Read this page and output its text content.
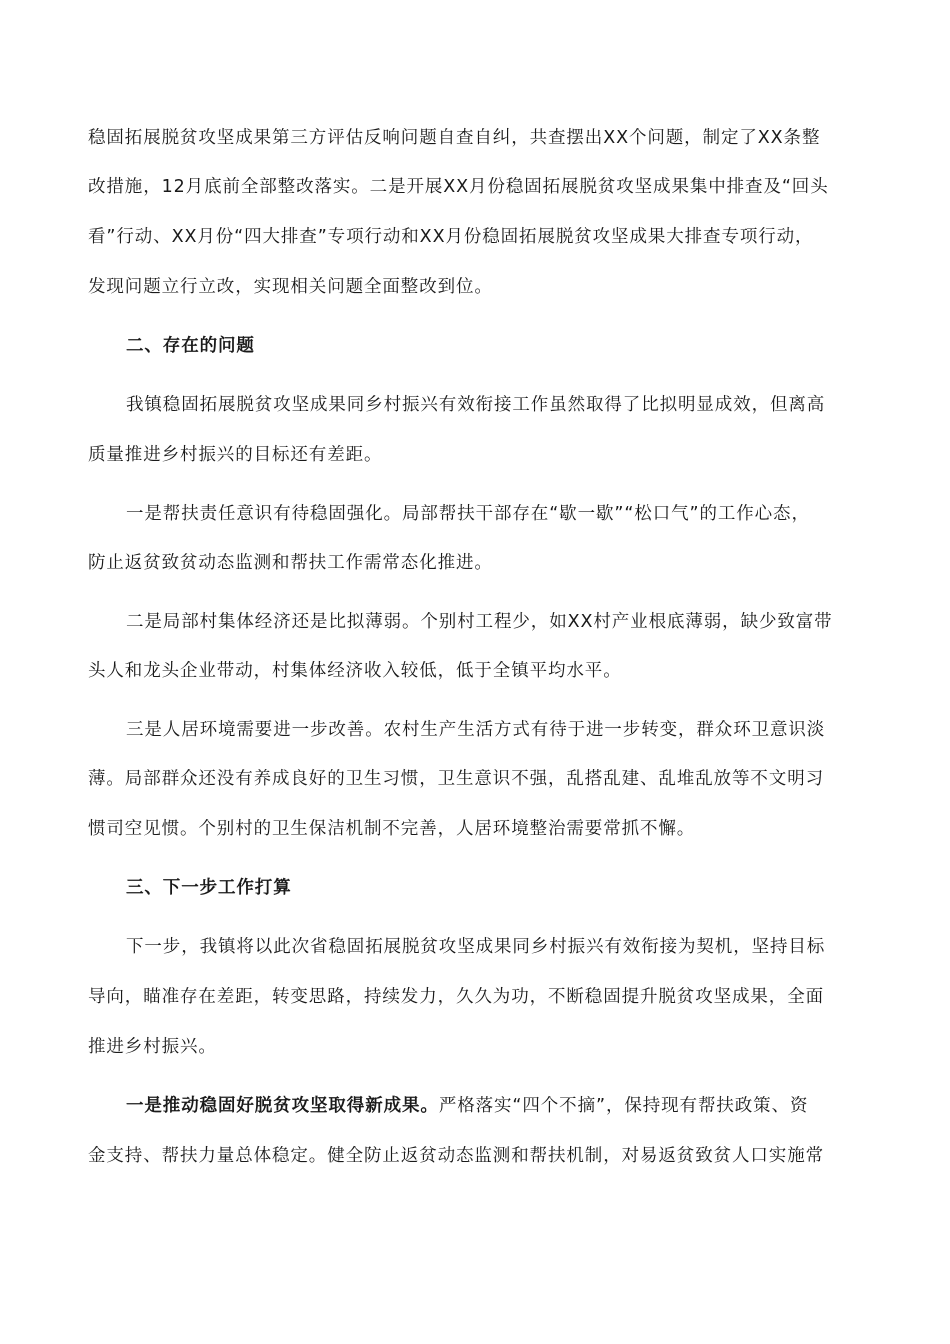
稳固拓展脱贫攻坚成果第三方评估反响问题自查自纠，共查摆出XX个问题，制定了XX条整
改措施，12月底前全部整改落实。二是开展XX月份稳固拓展脱贫攻坚成果集中排查及“回头
看”行动、XX月份“四大排查”专项行动和XX月份稳固拓展脱贫攻坚成果大排查专项行动，
发现问题立行立改，实现相关问题全面整改到位。
二、存在的问题
我镇稳固拓展脱贫攻坚成果同乡村振兴有效衔接工作虽然取得了比拟明显成效，但离高
质量推进乡村振兴的目标还有差距。
一是帮扶责任意识有待稳固强化。局部帮扶干部存在“歇一歇”“松口气”的工作心态，
防止返贫致贫动态监测和帮扶工作需常态化推进。
二是局部村集体经济还是比拟薄弱。个别村工程少，如XX村产业根底薄弱，缺少致富带
头人和龙头企业带动，村集体经济收入较低，低于全镇平均水平。
三是人居环境需要进一步改善。农村生产生活方式有待于进一步转变，群众环卫意识淡
薄。局部群众还没有养成良好的卫生习惯，卫生意识不强，乱搭乱建、乱堆乱放等不文明习
惯司空见惯。个别村的卫生保洁机制不完善，人居环境整治需要常抓不懈。
三、下一步工作打算
下一步，我镇将以此次省稳固拓展脱贫攻坚成果同乡村振兴有效衔接为契机，坚持目标
导向，瞄准存在差距，转变思路，持续发力，久久为功，不断稳固提升脱贫攻坚成果，全面
推进乡村振兴。
一是推动稳固好脱贫攻坚取得新成果。严格落实“四个不摘”，保持现有帮扶政策、资
金支持、帮扶力量总体稳定。健全防止返贫动态监测和帮扶机制，对易返贫致贫人口实施常
